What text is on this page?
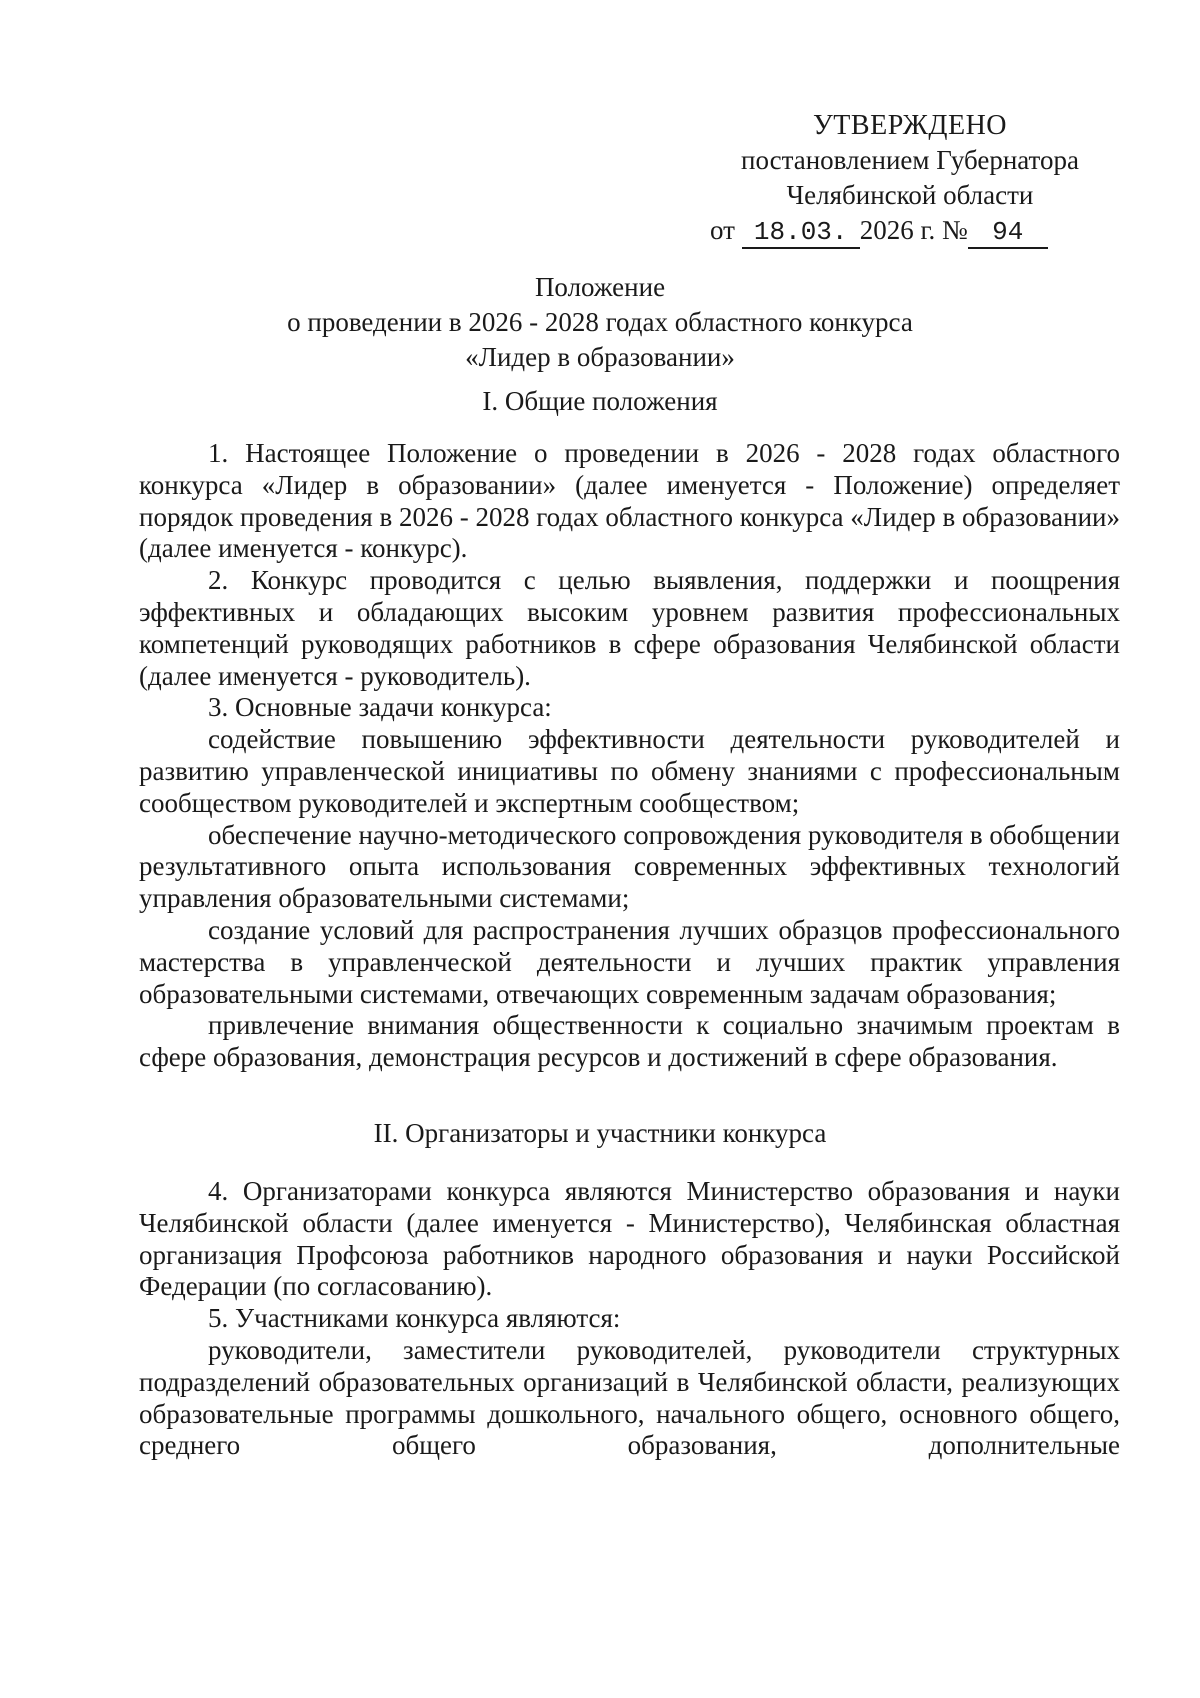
УТВЕРЖДЕНО
постановлением Губернатора
Челябинской области
от 18.03. 2026 г. № 94
Положение
о проведении в 2026 - 2028 годах областного конкурса
«Лидер в образовании»
I. Общие положения

1. Настоящее Положение о проведении в 2026 - 2028 годах областного конкурса «Лидер в образовании» (далее именуется - Положение) определяет порядок проведения в 2026 - 2028 годах областного конкурса «Лидер в образовании» (далее именуется - конкурс).

2. Конкурс проводится с целью выявления, поддержки и поощрения эффективных и обладающих высоким уровнем развития профессиональных компетенций руководящих работников в сфере образования Челябинской области (далее именуется - руководитель).

3. Основные задачи конкурса:

содействие повышению эффективности деятельности руководителей и развитию управленческой инициативы по обмену знаниями с профессиональным сообществом руководителей и экспертным сообществом;

обеспечение научно-методического сопровождения руководителя в обобщении результативного опыта использования современных эффективных технологий управления образовательными системами;

создание условий для распространения лучших образцов профессионального мастерства в управленческой деятельности и лучших практик управления образовательными системами, отвечающих современным задачам образования;

привлечение внимания общественности к социально значимым проектам в сфере образования, демонстрация ресурсов и достижений в сфере образования.

II. Организаторы и участники конкурса

4. Организаторами конкурса являются Министерство образования и науки Челябинской области (далее именуется - Министерство), Челябинская областная организация Профсоюза работников народного образования и науки Российской Федерации (по согласованию).

5. Участниками конкурса являются:

руководители, заместители руководителей, руководители структурных подразделений образовательных организаций в Челябинской области, реализующих образовательные программы дошкольного, начального общего, основного общего, среднего общего образования, дополнительные
